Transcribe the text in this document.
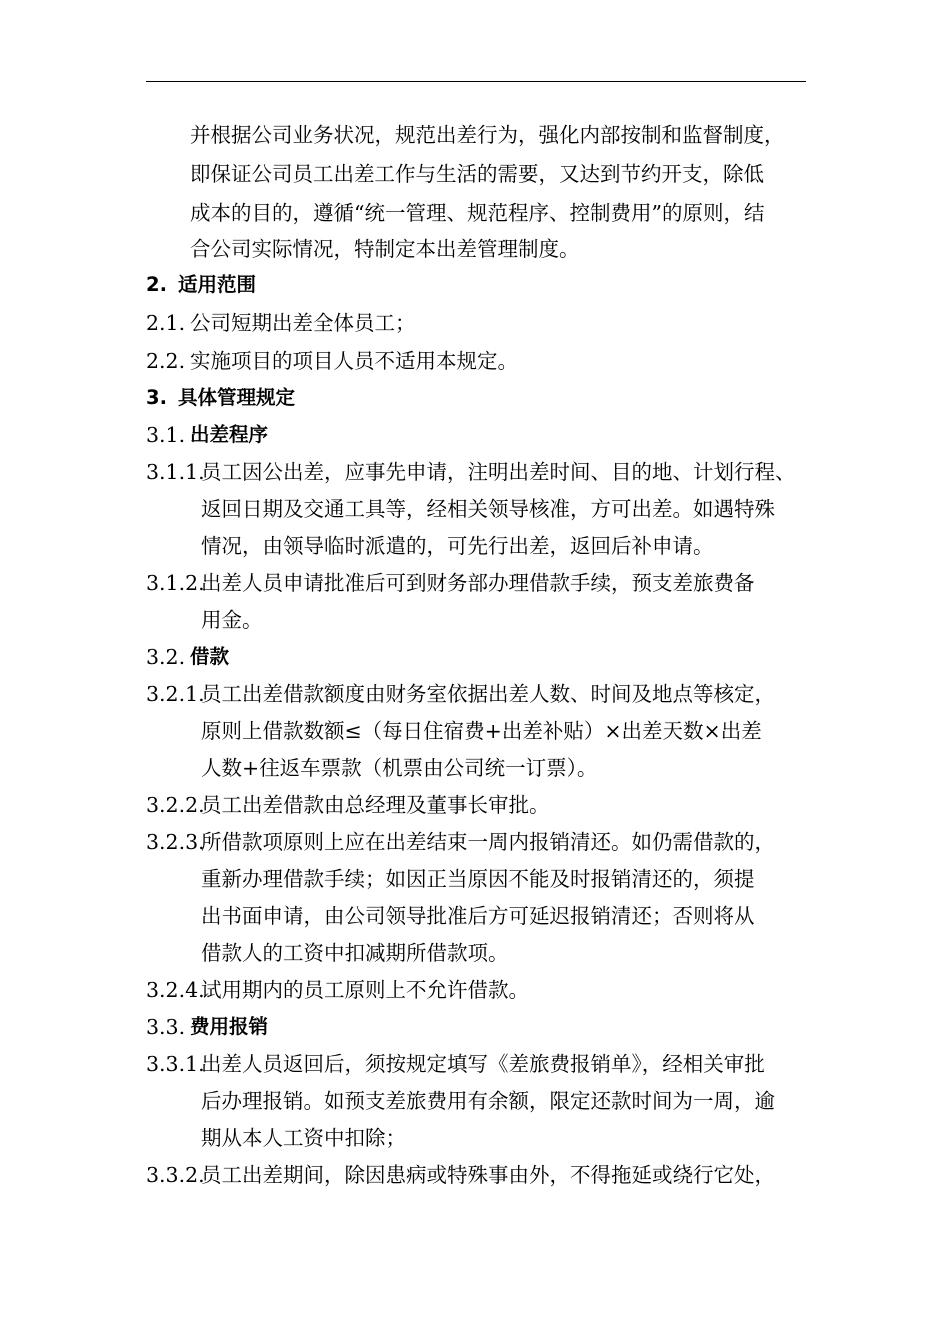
并根据公司业务状况，规范出差行为，强化内部按制和监督制度，
即保证公司员工出差工作与生活的需要，又达到节约开支，除低
成本的目的，遵循“统一管理、规范程序、控制费用”的原则，结
合公司实际情况，特制定本出差管理制度。
2. 适用范围
2.1. 公司短期出差全体员工；
2.2. 实施项目的项目人员不适用本规定。
3. 具体管理规定
3.1. 出差程序
3.1.1.
员工因公出差，应事先申请，注明出差时间、目的地、计划行程、
返回日期及交通工具等，经相关领导核准，方可出差。如遇特殊
情况，由领导临时派遣的，可先行出差，返回后补申请。
3.1.2.
出差人员申请批准后可到财务部办理借款手续，预支差旅费备
用金。
3.2. 借款
3.2.1.
员工出差借款额度由财务室依据出差人数、时间及地点等核定，
原则上借款数额≤（每日住宿费+出差补贴）×出差天数×出差
人数+往返车票款（机票由公司统一订票）。
3.2.2.
员工出差借款由总经理及董事长审批。
3.2.3.
所借款项原则上应在出差结束一周内报销清还。如仍需借款的，
重新办理借款手续；如因正当原因不能及时报销清还的，须提
出书面申请，由公司领导批准后方可延迟报销清还；否则将从
借款人的工资中扣减期所借款项。
3.2.4.
试用期内的员工原则上不允许借款。
3.3. 费用报销
3.3.1.
出差人员返回后，须按规定填写《差旅费报销单》，经相关审批
后办理报销。如预支差旅费用有余额，限定还款时间为一周，逾
期从本人工资中扣除；
3.3.2.
员工出差期间，除因患病或特殊事由外，不得拖延或绕行它处，
